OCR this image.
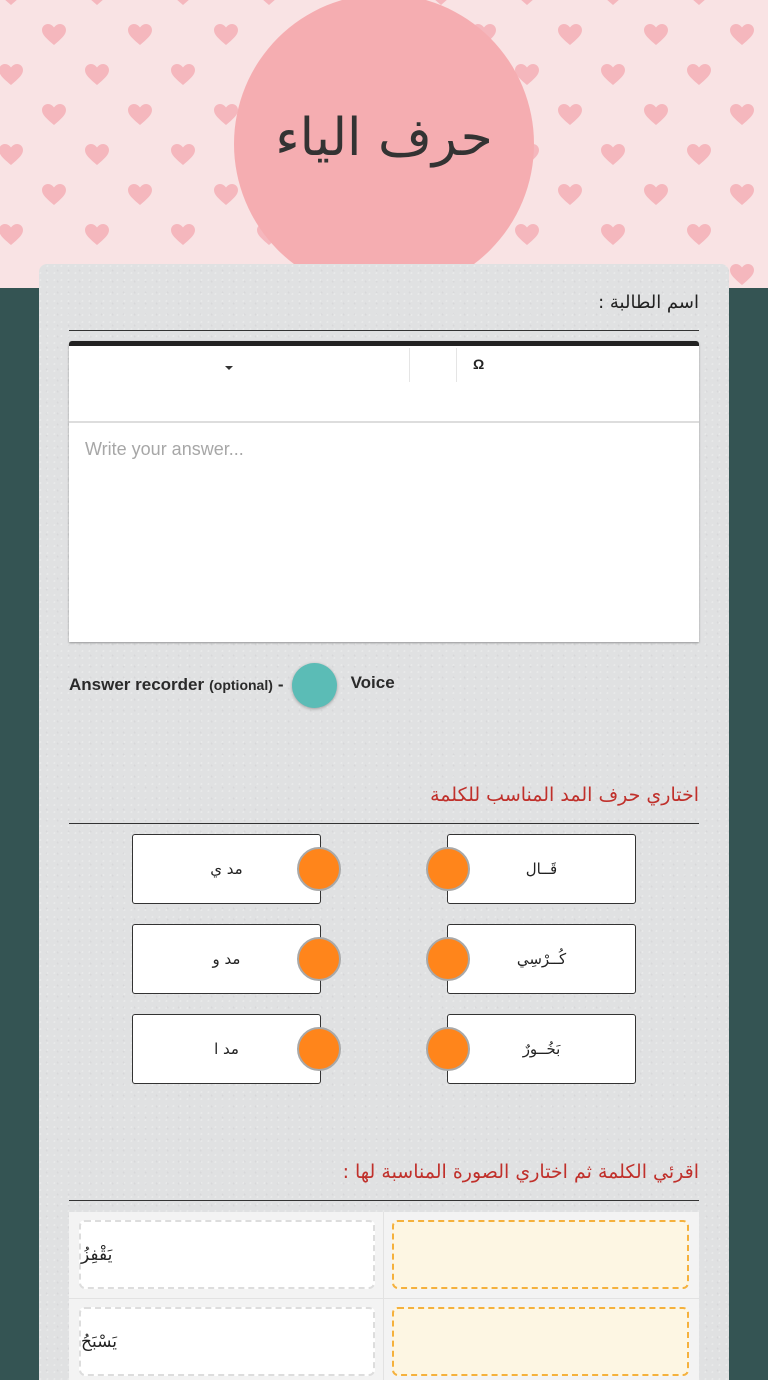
حرف الياء
اسم الطالبة :
Ω
Write your answer...
Answer recorder (optional) -	Voice
اختاري حرف المد المناسب للكلمة
قَــال
مد ي
كُــرْسِي
مد و
بَخُــورٌ
مد ا
اقرئي الكلمة ثم اختاري الصورة المناسبة لها :
يَقْفِزُ
يَسْبَحُ
